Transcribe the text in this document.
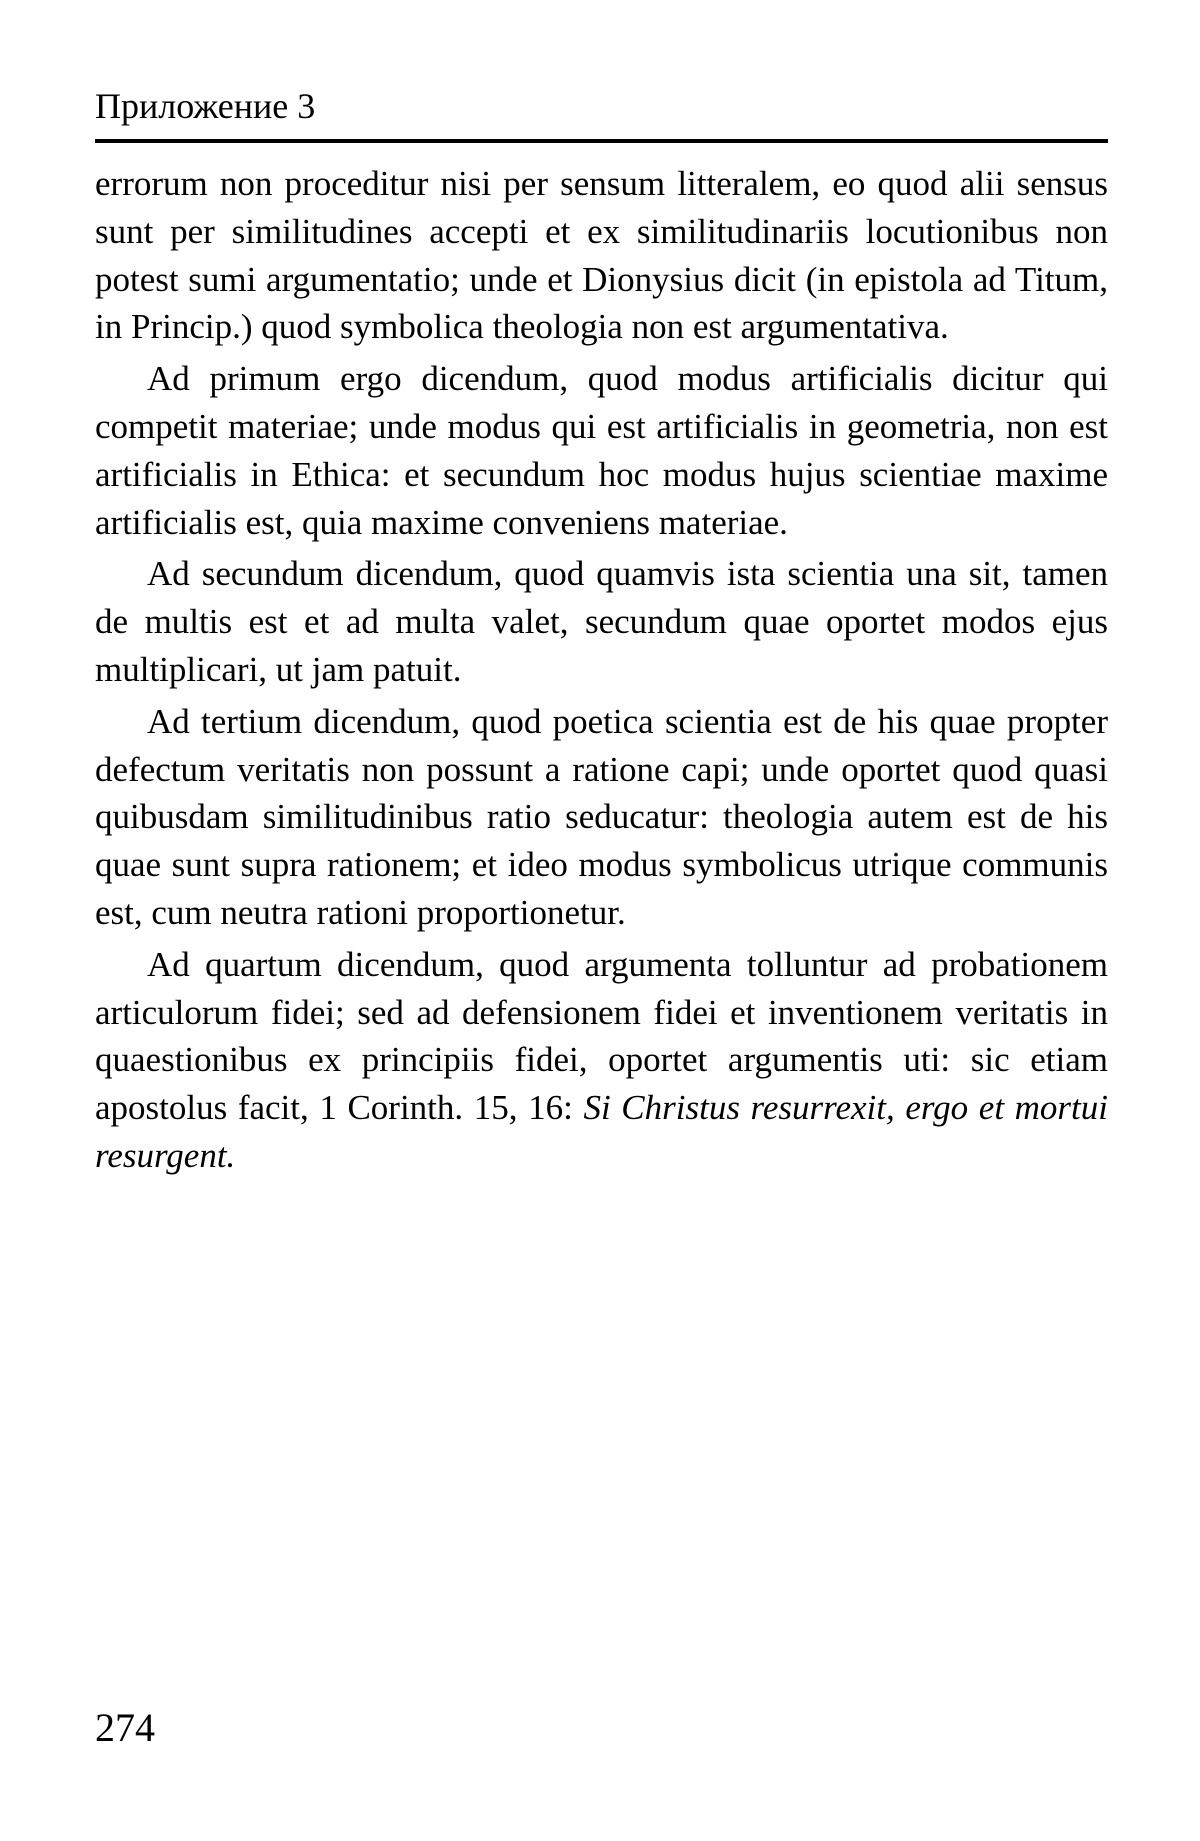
Приложение 3

errorum non proceditur nisi per sensum litteralem, eo quod alii sensus sunt per similitudines accepti et ex similitudinariis locutionibus non potest sumi argumentatio; unde et Dionysius dicit (in epistola ad Titum, in Princip.) quod symbolica theologia non est argumentativa.

Ad primum ergo dicendum, quod modus artificialis dicitur qui competit materiae; unde modus qui est artificialis in geometria, non est artificialis in Ethica: et secundum hoc modus hujus scientiae maxime artificialis est, quia maxime conveniens materiae.

Ad secundum dicendum, quod quamvis ista scientia una sit, tamen de multis est et ad multa valet, secundum quae oportet modos ejus multiplicari, ut jam patuit.

Ad tertium dicendum, quod poetica scientia est de his quae propter defectum veritatis non possunt a ratione capi; unde oportet quod quasi quibusdam similitudinibus ratio seducatur: theologia autem est de his quae sunt supra rationem; et ideo modus symbolicus utrique communis est, cum neutra rationi proportionetur.

Ad quartum dicendum, quod argumenta tolluntur ad probationem articulorum fidei; sed ad defensionem fidei et inventionem veritatis in quaestionibus ex principiis fidei, oportet argumentis uti: sic etiam apostolus facit, 1 Corinth. 15, 16: Si Christus resurrexit, ergo et mortui resurgent.

274
